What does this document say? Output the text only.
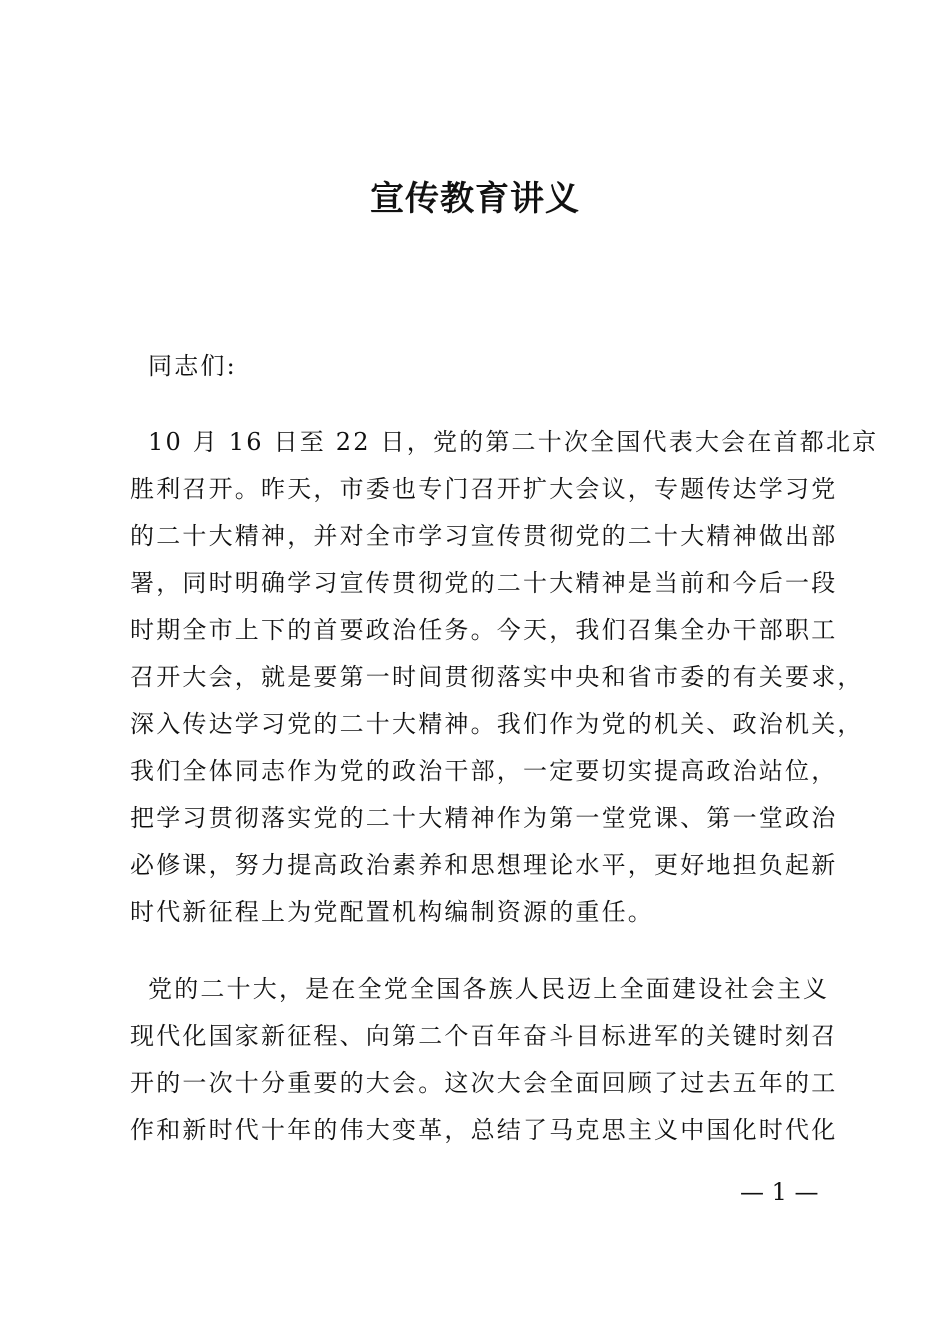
宣传教育讲义
同志们:
10 月 16 日至 22 日，党的第二十次全国代表大会在首都北京
胜利召开。昨天，市委也专门召开扩大会议，专题传达学习党
的二十大精神，并对全市学习宣传贯彻党的二十大精神做出部
署，同时明确学习宣传贯彻党的二十大精神是当前和今后一段
时期全市上下的首要政治任务。今天，我们召集全办干部职工
召开大会，就是要第一时间贯彻落实中央和省市委的有关要求，
深入传达学习党的二十大精神。我们作为党的机关、政治机关，
我们全体同志作为党的政治干部，一定要切实提高政治站位，
把学习贯彻落实党的二十大精神作为第一堂党课、第一堂政治
必修课，努力提高政治素养和思想理论水平，更好地担负起新
时代新征程上为党配置机构编制资源的重任。
党的二十大，是在全党全国各族人民迈上全面建设社会主义
现代化国家新征程、向第二个百年奋斗目标进军的关键时刻召
开的一次十分重要的大会。这次大会全面回顾了过去五年的工
作和新时代十年的伟大变革，总结了马克思主义中国化时代化
— 1 —
